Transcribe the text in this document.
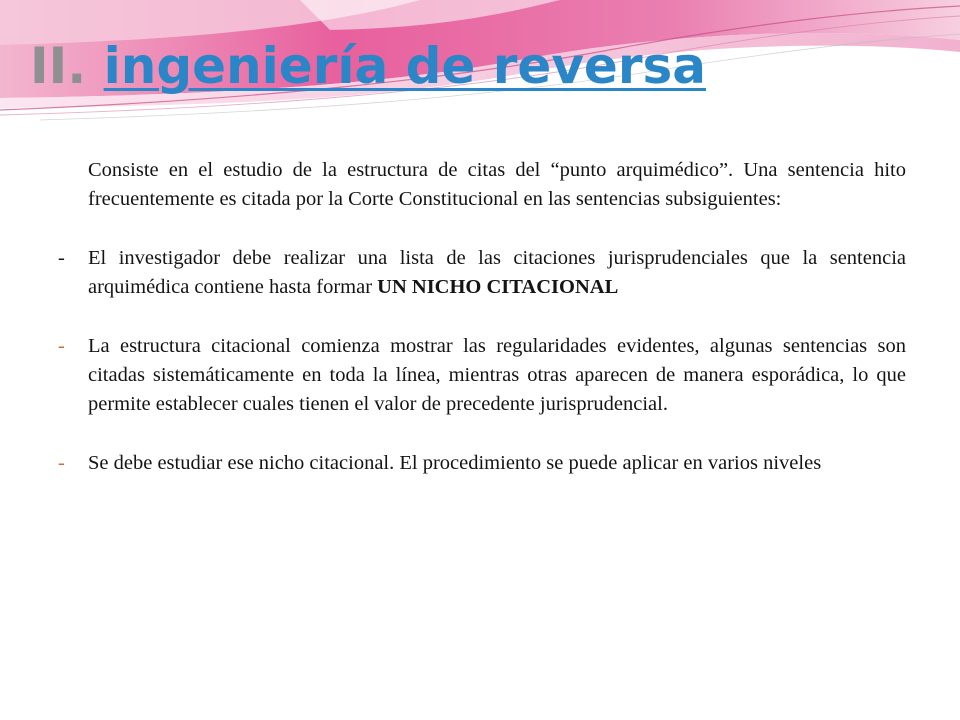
II. ingeniería de reversa

Consiste en el estudio de la estructura de citas del “punto arquimédico”. Una sentencia hito frecuentemente es citada por la Corte Constitucional en las sentencias subsiguientes:

- El investigador debe realizar una lista de las citaciones jurisprudenciales que la sentencia arquimédica contiene hasta formar UN NICHO CITACIONAL

- La estructura citacional comienza mostrar las regularidades evidentes, algunas sentencias son citadas sistemáticamente en toda la línea, mientras otras aparecen de manera esporádica, lo que permite establecer cuales tienen el valor de precedente jurisprudencial.

- Se debe estudiar ese nicho citacional. El procedimiento se puede aplicar en varios niveles
